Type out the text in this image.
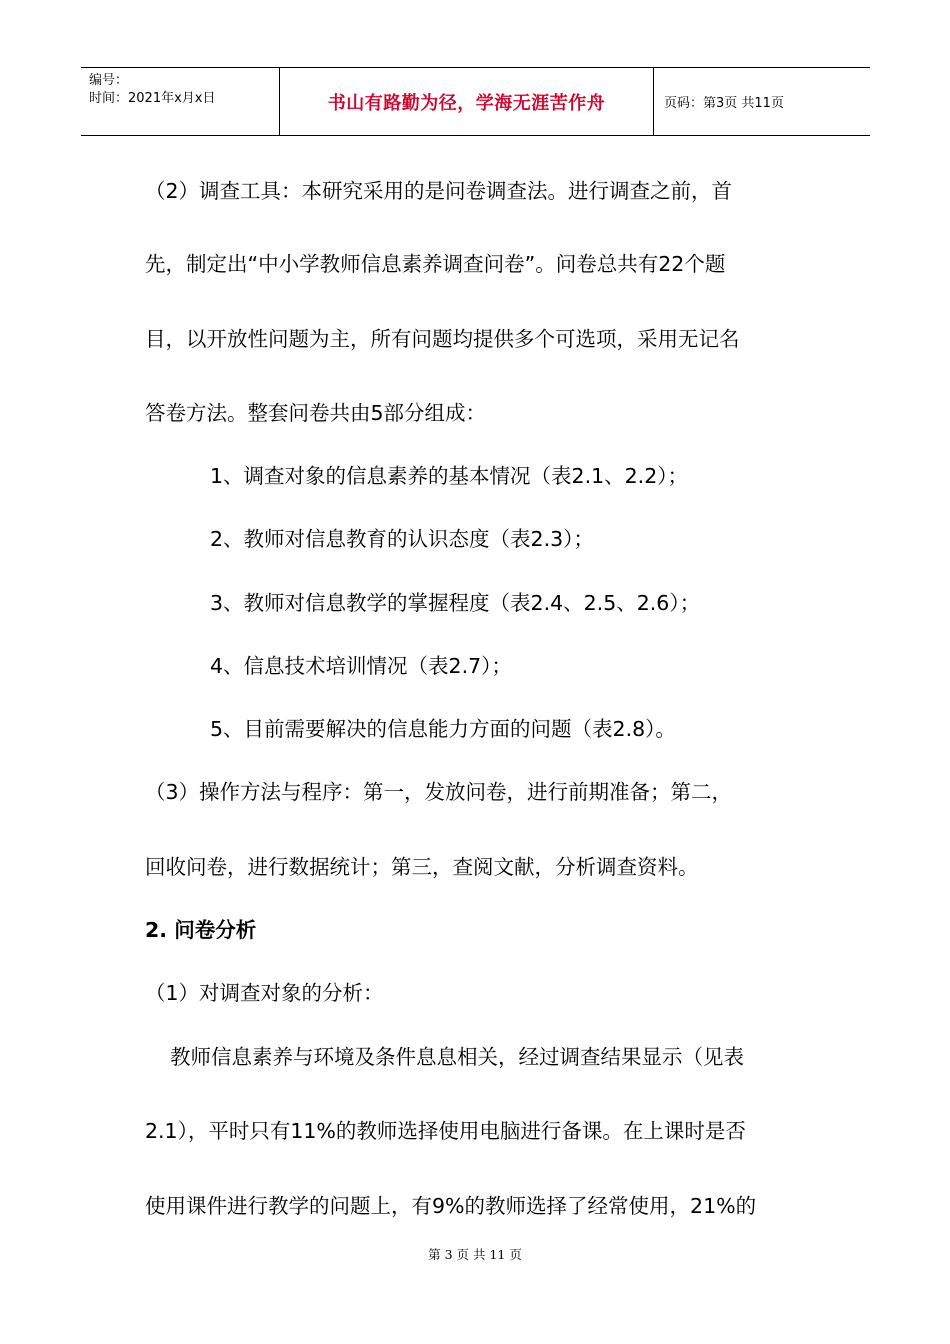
编号：
时间：2021年x月x日	书山有路勤为径，学海无涯苦作舟	页码：第3页 共11页
（2）调查工具：本研究采用的是问卷调查法。进行调查之前，首
先，制定出“中小学教师信息素养调查问卷”。问卷总共有22个题
目，以开放性问题为主，所有问题均提供多个可选项，采用无记名
答卷方法。整套问卷共由5部分组成：
1、调查对象的信息素养的基本情况（表2.1、2.2）；
2、教师对信息教育的认识态度（表2.3）；
3、教师对信息教学的掌握程度（表2.4、2.5、2.6）；
4、信息技术培训情况（表2.7）；
5、目前需要解决的信息能力方面的问题（表2.8）。
（3）操作方法与程序：第一，发放问卷，进行前期准备；第二，
回收问卷，进行数据统计；第三，查阅文献，分析调查资料。
2. 问卷分析
（1）对调查对象的分析：
教师信息素养与环境及条件息息相关，经过调查结果显示（见表
2.1），平时只有11%的教师选择使用电脑进行备课。在上课时是否
使用课件进行教学的问题上，有9%的教师选择了经常使用，21%的
第 3 页 共 11 页
